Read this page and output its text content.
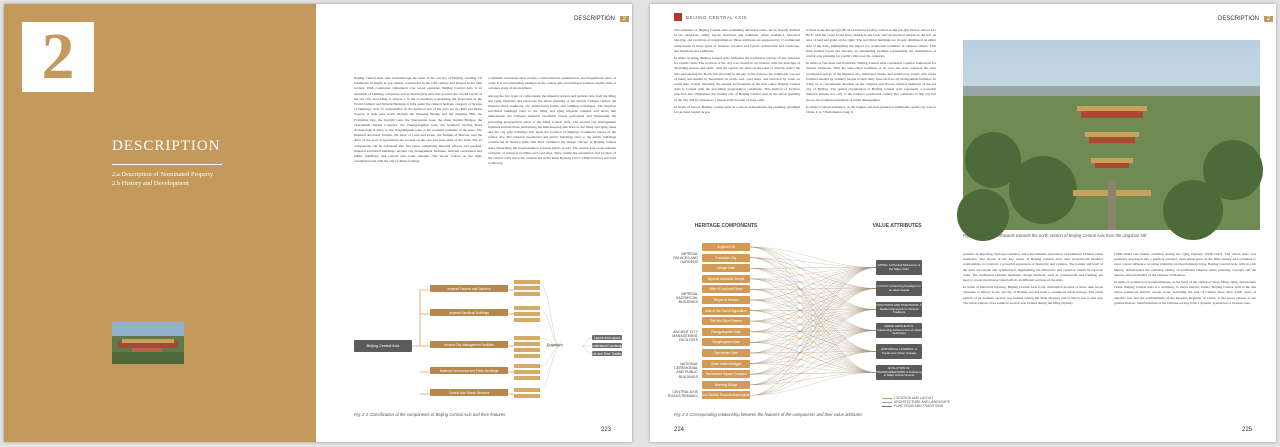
2
DESCRIPTION
2.a Description of Nominated Property
2.b History and Development
DESCRIPTION 2

Beijing Central Axis runs north-through the heart of the old city of Beijing, totalling 7.8 kilometres in length. It was mainly constructed in the 13th century and shaped in the 16th century. With continuous refinement over seven centuries, Beijing Central Axis is an ensemble of building complexes and archaeological sites that governs the overall layout of the old city. According to Article 1 of the Convention Concerning the Protection of the World Cultural and Natural Heritage, it falls under the cultural heritage category of 'groups of buildings' with 15 components. At the northern end of the Axis are the Bell and Drum Towers; it then runs south through the Wanning Bridge and the Jingshan Hill, the Forbidden City, the Upright Gate, the Tian'anmen Gate, the Outer Jinshui Bridges, the Tian'anmen Square Complex, the Zhengyangmen Gate, the Southern Section Road Archaeological Sites, to the Yongdingmen Gate at the southern terminus of the Axis. The Imperial Ancestral Temple, the Altar of Land and Grain, the Temple of Heaven, and the Altar of the God of Agriculture are located on the east and west sides of the Axis. The 15 components can be organised into five types comprising imperial palaces and gardens, imperial sacrificial buildings, ancient city management facilities, national ceremonial and public buildings, and central axis roads remains. The layout centres on the main ceremonial axis with the city facilities forming

a rhythmic streetscape that creates a well-balanced, symmetrical, and magnificent sense of order. It is an outstanding example of the central axis of traditional Chinese capital cities at a mature stage of development.

Among the five types of components, the imperial palaces and gardens date from the Ming and Qing dynasties and showcase the urban planning of the ancient Chinese capital, the imperial ritual traditions, the architectural forms, and building techniques. The imperial sacrificial buildings refer to the Ming and Qing imperial temples and altars that demonstrate the Chinese imperial sacrificial rituals performed and illustrating the prevailing geographical ethos of the Ming Central Axis. The ancient city management facilities include those performing the time-keeping functions of the Ming and Qing cities and the city gate buildings that mark the location of Beijing's traditional layout of the walled city. The national ceremonial and public buildings refer to the public buildings constructed in modern times that have continued the design concept of Beijing Central Axis, illustrating the transformation towards public access. The central axis roads remains comprise of transport facilities and road sites. They outline the orientation and location of the central roads that were constructed in the Yuan Dynasty (1271-1368) and have survived to this day.

Beijing Central Axis
Imperial Palaces and Gardens
Imperial Sacrificial Buildings
Ancient City Management Facilities
National Ceremonial and Public Buildings
Central Axis Roads Remains
Ensemble
Layout and Layout
Architectural Landscape
Line and Time Tradition
Fig. 2-1 Classification of the components of Beijing Central Axis and their features
223
BEIJING CENTRAL AXIS	DESCRIPTION 2

The attributes of Beijing Central Axis combining universal value can be broadly defined in six categories: siting, layout, functions and traditions, urban aesthetics, historical layering, and evolution of transformation. These attributes are supported by 15 nominated components in three types of features: location and layout, architecture and landscape, and functions and traditions.

In terms of siting, Beijing Central Axis embodies the traditional concept of site selection for capital cities. The location of the city was chosen in accordance with the principle of 'moulding heaven and earth,' with the capital city sited on the earth to directly reflect the axis surrounding the North Star (Polaris) in the sky. It also follows the traditional concept of being surrounded by mountains on north, east, west sides, and enclosed by water on south side, closely matching the natural environment of the axis where Beijing Central Axis is located with the prevailing geographical conditions. This method of location selection also emphasises the leading role of Beijing Central Axis in the urban planning of the city and by extension, a physical microcosm of state order.

In terms of layout, Beijing Central Axis as a whole demonstrates the planning paradigm for an ideal capital as pre-

scribed in the Kaogongji (Book of Diverse Crafts), written in the pre-Qin Period, before 221 BCE, with the 'court in the front, market in the back' and 'an ancestral temple on the left, an altar of land and grain on the right.' The sacrificial buildings are closely distributed on either side of the Axis, highlighting the impact for ceremonial traditions in Chinese culture. This fully-formed layout has become an outstanding example representing the culmination of central axis planning for capital cities over the centuries.

In terms of functions and traditions, Beijing Central Axis constitutes a spatial framework for diverse traditions. With the state ritual traditions at its core, the Axis connects the state ceremonial spaces of the imperial city, municipal rituals, and celebratory events with urban facilities needed by ordinary people in their daily lives such as city management facilities. In doing so, it concentrates attention on the complex and diverse cultural traditions of the old city of Beijing. The spatial organisation of Beijing Central Axis represents a powerful material witness not only to the national ceremonial culture that continues to this day but also to the traditional methods of urban management.

In terms of urban aesthetics, as the longest and best-preserved traditional capital city axis in China, it is 7.8 kilometres long, it

Fig. 2-3 Looking northwards towards the north section of Beijing Central Axis from the Jingshan Hill
HERITAGE COMPONENTS	VALUE ATTRIBUTES
IMPERIAL PALACES AND GARDENS
IMPERIAL SACRIFICIAL BUILDINGS
ANCIENT CITY MANAGEMENT FACILITIES
NATIONAL CEREMONIAL AND PUBLIC BUILDINGS
CENTRAL AXIS ROADS REMAINS
Jingshan Hill
Forbidden City
Upright Gate
Imperial Ancestral Temple
Altar of Land and Grain
Temple of Heaven
Altar of the God of Agriculture
Bell and Drum Towers
Zhengyangmen Gate
Yongdingmen Gate
Tian'anmen Gate
Outer Jinshui Bridges
Tian'anmen Square Complex
Wanning Bridge
Southern Section Road Archaeological Sites
SITING: A Physical Microcosm of the State Order
LAYOUT: A Planning Paradigm for an Ideal Capital
FUNCTIONS AND TRADITIONS: A Spatial Framework for Diverse Traditions
URBAN AESTHETICS: Outstanding Achievement of Urban Aesthetics
HISTORICAL LAYERING: A Continuous Urban Lineage
EVOLUTION OF TRANSFORMATIONS: A Testimony to Major Historic Events
LOCATION AND LAYOUT
ARCHITECTURE AND LANDSCAPE
FUNCTIONS AND TRADITIONS
Fig. 2-2 Corresponding relationship between the features of the components and their value attributes

presents an imposing cityscape sequence and is the ultimate expression of traditional Chinese urban aesthetics. The layout of the key nodes of Beijing Central Axis uses proportional modular relationships to construct a powerful expression of hierarchy and cadence. The pattern and form of the Axis are unique and symmetrical, highlighting the difference and variation within its rigorous order. The traditional Chinese landscape design methods, such as counterpoint and framing, are used to create the diverse visual effects in different sections of the Axis.

In terms of historical layering, Beijing Central Axis is the cumulative product of more than seven centuries of history in the old city of Beijing and has been a continuous urban lineage. The urban pattern of its northern section was formed during the Yuan Dynasty and is still in use to this day. The urban pattern of its southern section was formed during the Ming Dynasty

(1368-1644) and further enriched during the Qing Dynasty (1636-1912). The whole Axis was gradually developed into a publicly oriented, open urban space in the 20th century and continues to exert a great influence on urban planning and development today. Beijing Central Axis, with its rich history, demonstrates the enduring vitality of traditional Chinese urban planning concepts and the diverse cultural identity of the Chinese civilisation.

In terms of evolution of transformations, as the heart of the capital of Yuan, Ming, Qing, and modern China, Beijing Central Axis is a testimony to major historic events. Beijing Central Axis is the site where numerous historic events occur, including the end of China's more than 2,000 years of dynastic rule and the establishment of the People's Republic of China. It has stood witness to the gradual historic transformation of the Chinese society from a dynastic system into a modern state.

224	225
